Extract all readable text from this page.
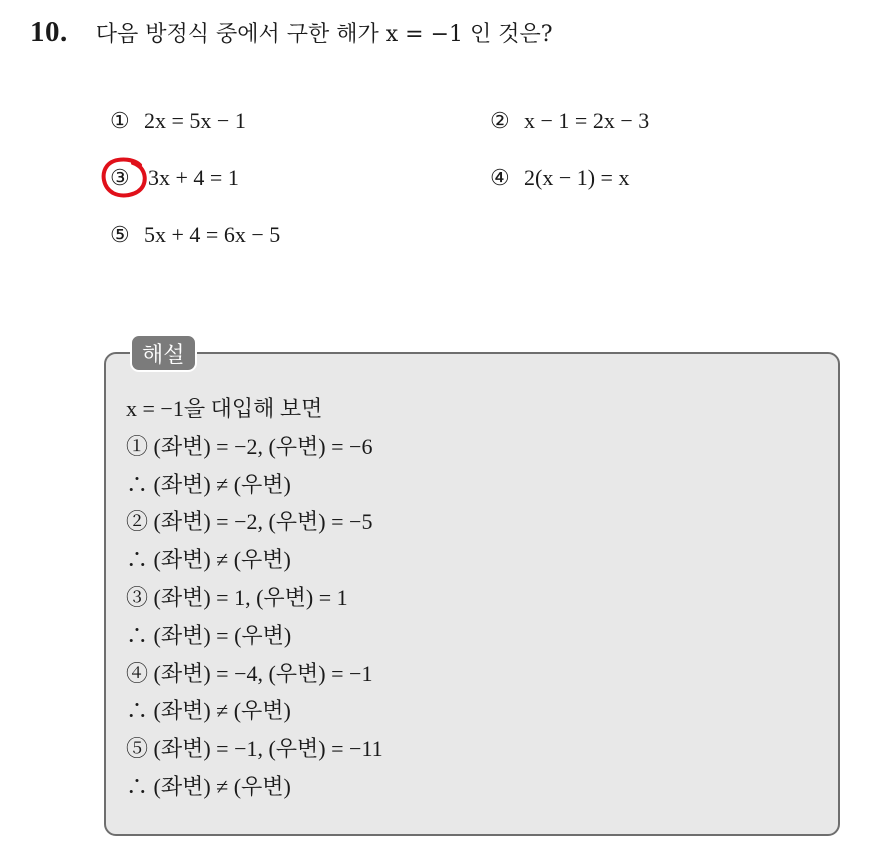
10. 다음 방정식 중에서 구한 해가 x = −1 인 것은?
① 2x = 5x − 1	② x − 1 = 2x − 3
③ 3x + 4 = 1	④ 2(x − 1) = x
⑤ 5x + 4 = 6x − 5
해설
x = −1을 대입해 보면
① (좌변) = −2, (우변) = −6
∴ (좌변) ≠ (우변)
② (좌변) = −2, (우변) = −5
∴ (좌변) ≠ (우변)
③ (좌변) = 1, (우변) = 1
∴ (좌변) = (우변)
④ (좌변) = −4, (우변) = −1
∴ (좌변) ≠ (우변)
⑤ (좌변) = −1, (우변) = −11
∴ (좌변) ≠ (우변)
